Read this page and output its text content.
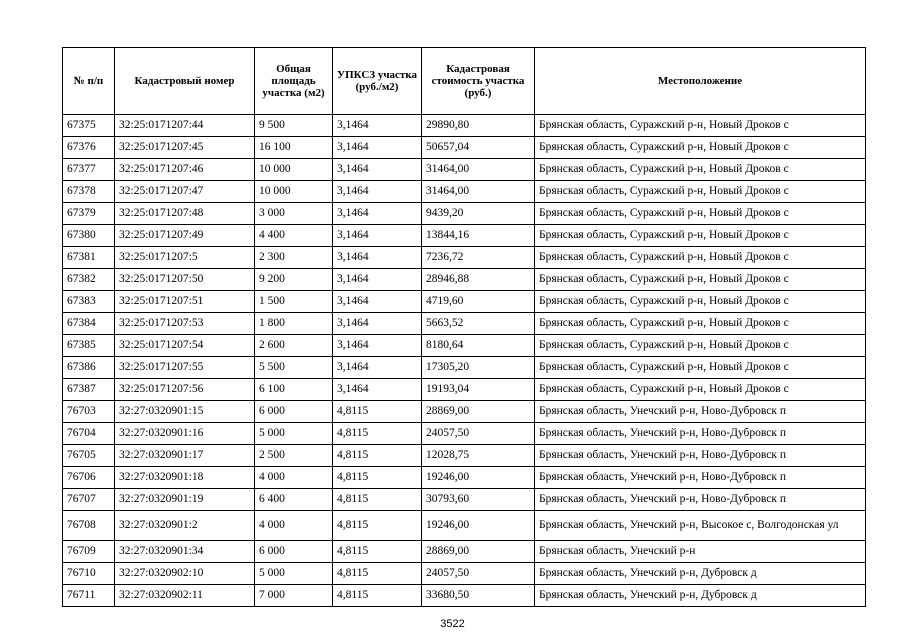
№ п/п	Кадастровый номер	Общая площадь участка (м2)	УПКСЗ участка (руб./м2)	Кадастровая стоимость участка (руб.)	Местоположение
67375	32:25:0171207:44	9 500	3,1464	29890,80	Брянская область, Суражский р-н, Новый Дроков с
67376	32:25:0171207:45	16 100	3,1464	50657,04	Брянская область, Суражский р-н, Новый Дроков с
67377	32:25:0171207:46	10 000	3,1464	31464,00	Брянская область, Суражский р-н, Новый Дроков с
67378	32:25:0171207:47	10 000	3,1464	31464,00	Брянская область, Суражский р-н, Новый Дроков с
67379	32:25:0171207:48	3 000	3,1464	9439,20	Брянская область, Суражский р-н, Новый Дроков с
67380	32:25:0171207:49	4 400	3,1464	13844,16	Брянская область, Суражский р-н, Новый Дроков с
67381	32:25:0171207:5	2 300	3,1464	7236,72	Брянская область, Суражский р-н, Новый Дроков с
67382	32:25:0171207:50	9 200	3,1464	28946,88	Брянская область, Суражский р-н, Новый Дроков с
67383	32:25:0171207:51	1 500	3,1464	4719,60	Брянская область, Суражский р-н, Новый Дроков с
67384	32:25:0171207:53	1 800	3,1464	5663,52	Брянская область, Суражский р-н, Новый Дроков с
67385	32:25:0171207:54	2 600	3,1464	8180,64	Брянская область, Суражский р-н, Новый Дроков с
67386	32:25:0171207:55	5 500	3,1464	17305,20	Брянская область, Суражский р-н, Новый Дроков с
67387	32:25:0171207:56	6 100	3,1464	19193,04	Брянская область, Суражский р-н, Новый Дроков с
76703	32:27:0320901:15	6 000	4,8115	28869,00	Брянская область, Унечский р-н, Ново-Дубровск п
76704	32:27:0320901:16	5 000	4,8115	24057,50	Брянская область, Унечский р-н, Ново-Дубровск п
76705	32:27:0320901:17	2 500	4,8115	12028,75	Брянская область, Унечский р-н, Ново-Дубровск п
76706	32:27:0320901:18	4 000	4,8115	19246,00	Брянская область, Унечский р-н, Ново-Дубровск п
76707	32:27:0320901:19	6 400	4,8115	30793,60	Брянская область, Унечский р-н, Ново-Дубровск п
76708	32:27:0320901:2	4 000	4,8115	19246,00	Брянская область, Унечский р-н, Высокое с, Волгодонская ул
76709	32:27:0320901:34	6 000	4,8115	28869,00	Брянская область, Унечский р-н
76710	32:27:0320902:10	5 000	4,8115	24057,50	Брянская область, Унечский р-н, Дубровск д
76711	32:27:0320902:11	7 000	4,8115	33680,50	Брянская область, Унечский р-н, Дубровск д
3522
